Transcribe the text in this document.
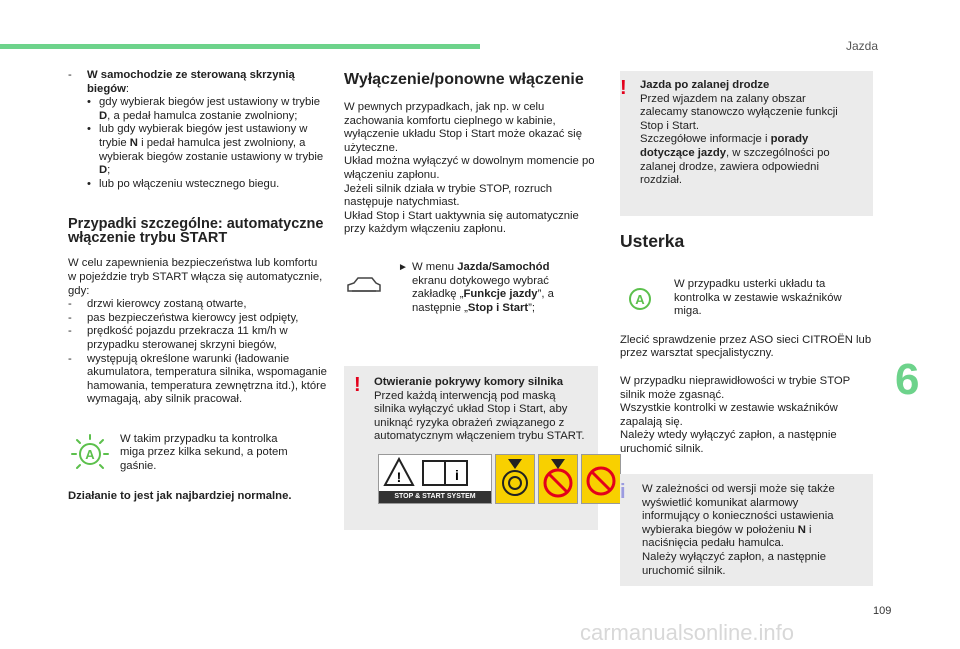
Jazda
6
109
carmanualsonline.info
-	W samochodzie ze sterowaną skrzynią biegów:
• gdy wybierak biegów jest ustawiony w trybie D, a pedał hamulca zostanie zwolniony;
• lub gdy wybierak biegów jest ustawiony w trybie N i pedał hamulca jest zwolniony, a wybierak biegów zostanie ustawiony w trybie D;
• lub po włączeniu wstecznego biegu.
Przypadki szczególne: automatyczne włączenie trybu START

W celu zapewnienia bezpieczeństwa lub komfortu w pojeździe tryb START włącza się automatycznie, gdy:

-	drzwi kierowcy zostaną otwarte,
-	pas bezpieczeństwa kierowcy jest odpięty,
-	prędkość pojazdu przekracza 11 km/h w przypadku sterowanej skrzyni biegów,
-	występują określone warunki (ładowanie akumulatora, temperatura silnika, wspomaganie hamowania, temperatura zewnętrzna itd.), które wymagają, aby silnik pracował.
A

W takim przypadku ta kontrolka miga przez kilka sekund, a potem gaśnie.

Działanie to jest jak najbardziej normalne.

Wyłączenie/ponowne włączenie

W pewnych przypadkach, jak np. w celu zachowania komfortu cieplnego w kabinie, wyłączenie układu Stop i Start może okazać się użyteczne.

Układ można wyłączyć w dowolnym momencie po włączeniu zapłonu.

Jeżeli silnik działa w trybie STOP, rozruch następuje natychmiast.

Układ Stop i Start uaktywnia się automatycznie przy każdym włączeniu zapłonu.

► W menu Jazda/Samochód ekranu dotykowego wybrać zakładkę „Funkcje jazdy”, a następnie „Stop i Start”;

!	Otwieranie pokrywy komory silnika
Przed każdą interwencją pod maską silnika wyłączyć układ Stop i Start, aby uniknąć ryzyka obrażeń związanego z automatycznym włączeniem trybu START.

!	i
STOP & START SYSTEM
!	Jazda po zalanej drodze
Przed wjazdem na zalany obszar zalecamy stanowczo wyłączenie funkcji Stop i Start.
Szczegółowe informacje i porady dotyczące jazdy, w szczególności po zalanej drodze, zawiera odpowiedni rozdział.

Usterka
A

W przypadku usterki układu ta kontrolka w zestawie wskaźników miga.

Zlecić sprawdzenie przez ASO sieci CITROËN lub przez warsztat specjalistyczny.

W przypadku nieprawidłowości w trybie STOP silnik może zgasnąć.

Wszystkie kontrolki w zestawie wskaźników zapalają się.

Należy wtedy wyłączyć zapłon, a następnie uruchomić silnik.

i	W zależności od wersji może się także wyświetlić komunikat alarmowy informujący o konieczności ustawienia wybieraka biegów w położeniu N i naciśnięcia pedału hamulca.
Należy wyłączyć zapłon, a następnie uruchomić silnik.
